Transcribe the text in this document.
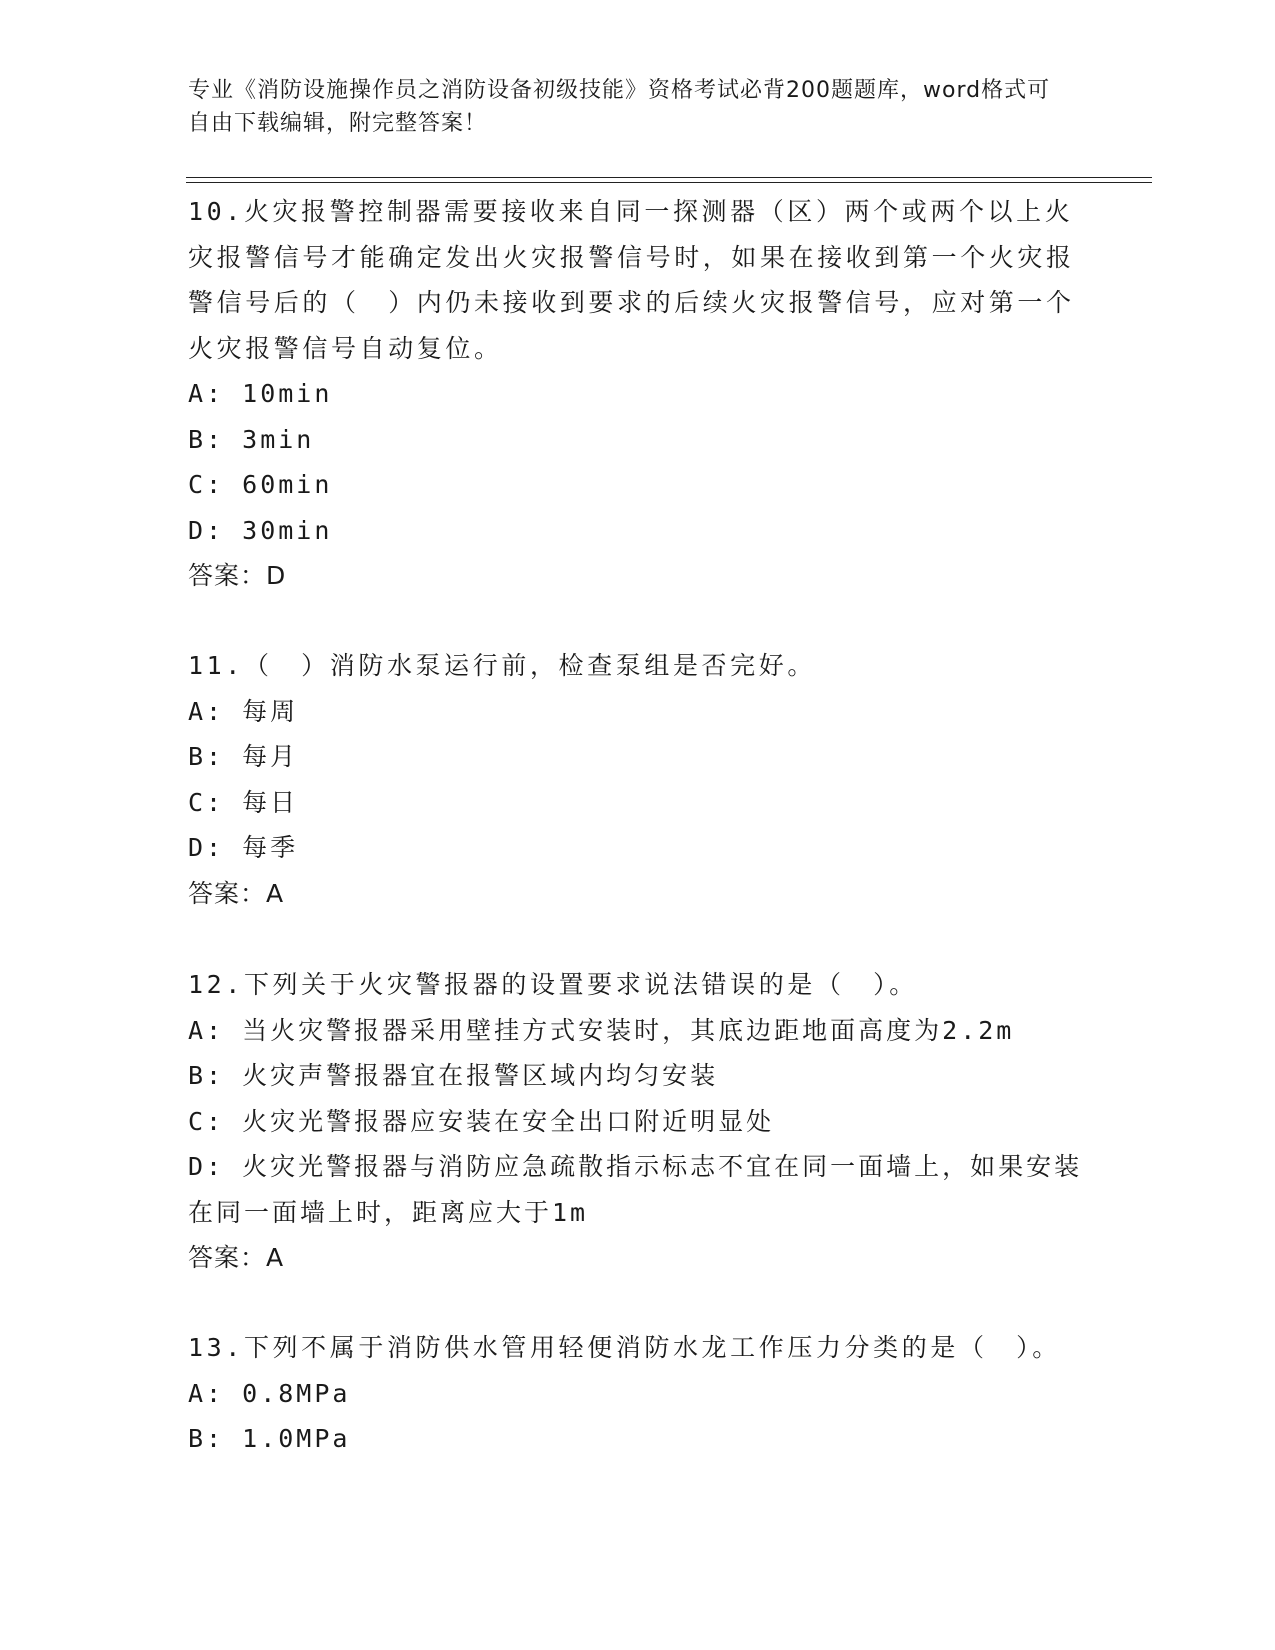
专业《消防设施操作员之消防设备初级技能》资格考试必背200题题库，word格式可自由下载编辑，附完整答案！

10.火灾报警控制器需要接收来自同一探测器（区）两个或两个以上火灾报警信号才能确定发出火灾报警信号时，如果在接收到第一个火灾报警信号后的（　）内仍未接收到要求的后续火灾报警信号，应对第一个火灾报警信号自动复位。

A: 10min

B: 3min

C: 60min

D: 30min

答案：D

11.（　）消防水泵运行前，检查泵组是否完好。

A: 每周

B: 每月

C: 每日

D: 每季

答案：A

12.下列关于火灾警报器的设置要求说法错误的是（　）。

A: 当火灾警报器采用壁挂方式安装时，其底边距地面高度为2.2m

B: 火灾声警报器宜在报警区域内均匀安装

C: 火灾光警报器应安装在安全出口附近明显处

D: 火灾光警报器与消防应急疏散指示标志不宜在同一面墙上，如果安装在同一面墙上时，距离应大于1m

答案：A

13.下列不属于消防供水管用轻便消防水龙工作压力分类的是（　）。

A: 0.8MPa

B: 1.0MPa
